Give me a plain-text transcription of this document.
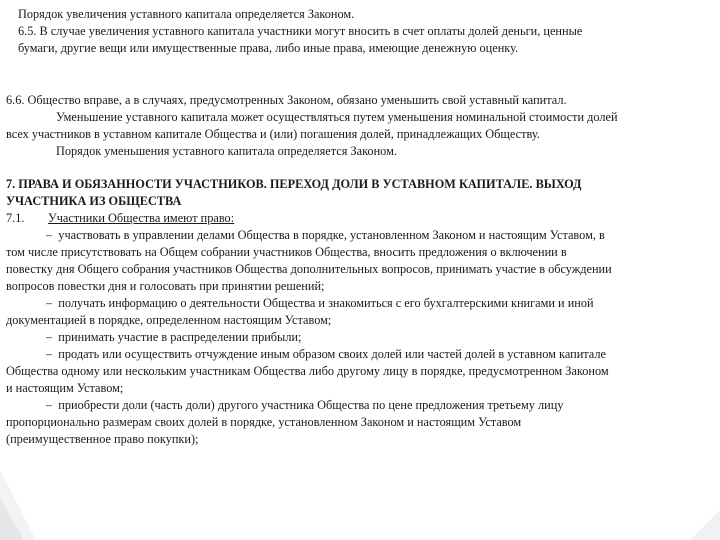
Порядок увеличения уставного капитала определяется Законом.

6.5. В случае увеличения уставного капитала участники могут вносить в счет оплаты долей деньги, ценные

бумаги, другие вещи или имущественные права, либо иные права, имеющие денежную оценку.

6.6. Общество вправе, а в случаях, предусмотренных Законом, обязано уменьшить свой уставный капитал.

Уменьшение уставного капитала может осуществляться путем уменьшения номинальной стоимости долей

всех участников в уставном капитале Общества и (или) погашения долей, принадлежащих Обществу.

Порядок уменьшения уставного капитала определяется Законом.

7. ПРАВА И ОБЯЗАННОСТИ УЧАСТНИКОВ. ПЕРЕХОД ДОЛИ В УСТАВНОМ КАПИТАЛЕ. ВЫХОД

УЧАСТНИКА ИЗ ОБЩЕСТВА

7.1. Участники Общества имеют право:

–  участвовать в управлении делами Общества в порядке, установленном Законом и настоящим Уставом, в

том числе присутствовать на Общем собрании участников Общества, вносить предложения о включении в

повестку дня Общего собрания участников Общества дополнительных вопросов, принимать участие в обсуждении

вопросов повестки дня и голосовать при принятии решений;

–  получать информацию о деятельности Общества и знакомиться с его бухгалтерскими книгами и иной

документацией в порядке, определенном настоящим Уставом;

–  принимать участие в распределении прибыли;

–  продать или осуществить отчуждение иным образом своих долей или частей долей в уставном капитале

Общества одному или нескольким участникам Общества либо другому лицу в порядке, предусмотренном Законом

и настоящим Уставом;

–  приобрести доли (часть доли) другого участника Общества по цене предложения третьему лицу

пропорционально размерам своих долей в порядке, установленном Законом и настоящим Уставом

(преимущественное право покупки);
